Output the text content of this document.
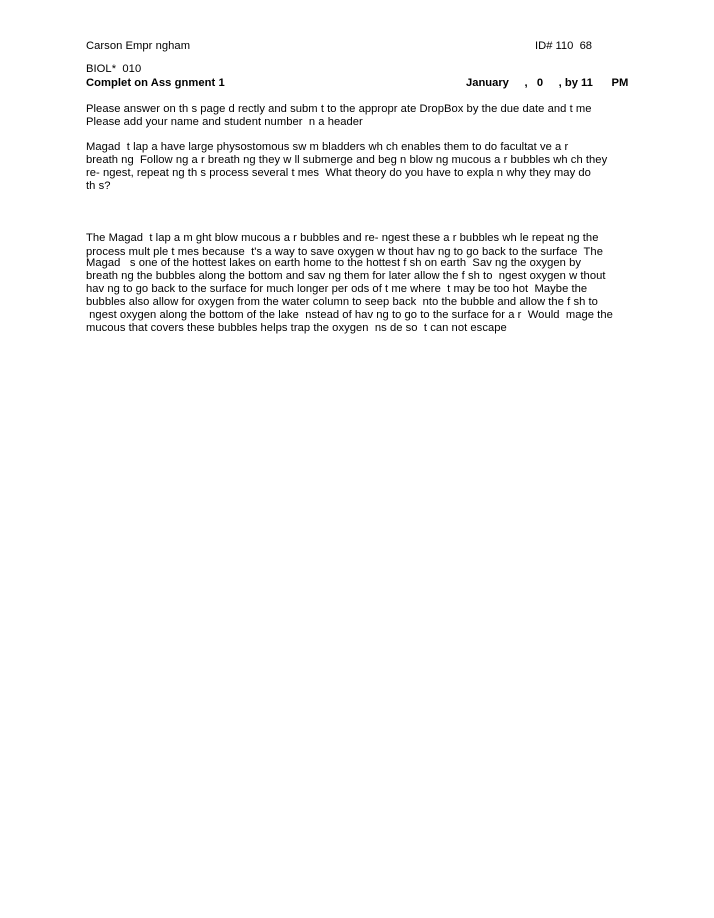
Carson Empr ngham	ID# 110  68
BIOL*  010
Complet on Ass gnment 1	January     ,   0     , by 11      PM
Please answer on th s page d rectly and subm t to the appropr ate DropBox by the due date and t me
Please add your name and student number  n a header
Magad  t lap a have large physostomous sw m bladders wh ch enables them to do facultat ve a r
breath ng  Follow ng a r breath ng they w ll submerge and beg n blow ng mucous a r bubbles wh ch they
re- ngest, repeat ng th s process several t mes  What theory do you have to expla n why they may do
th s?
The Magad  t lap a m ght blow mucous a r bubbles and re- ngest these a r bubbles wh le repeat ng the
process mult ple t mes because  t's a way to save oxygen w thout hav ng to go back to the surface  The
Magad   s one of the hottest lakes on earth home to the hottest f sh on earth  Sav ng the oxygen by
breath ng the bubbles along the bottom and sav ng them for later allow the f sh to  ngest oxygen w thout
hav ng to go back to the surface for much longer per ods of t me where  t may be too hot  Maybe the
bubbles also allow for oxygen from the water column to seep back  nto the bubble and allow the f sh to
ngest oxygen along the bottom of the lake  nstead of hav ng to go to the surface for a r  Would  mage the
mucous that covers these bubbles helps trap the oxygen  ns de so  t can not escape
